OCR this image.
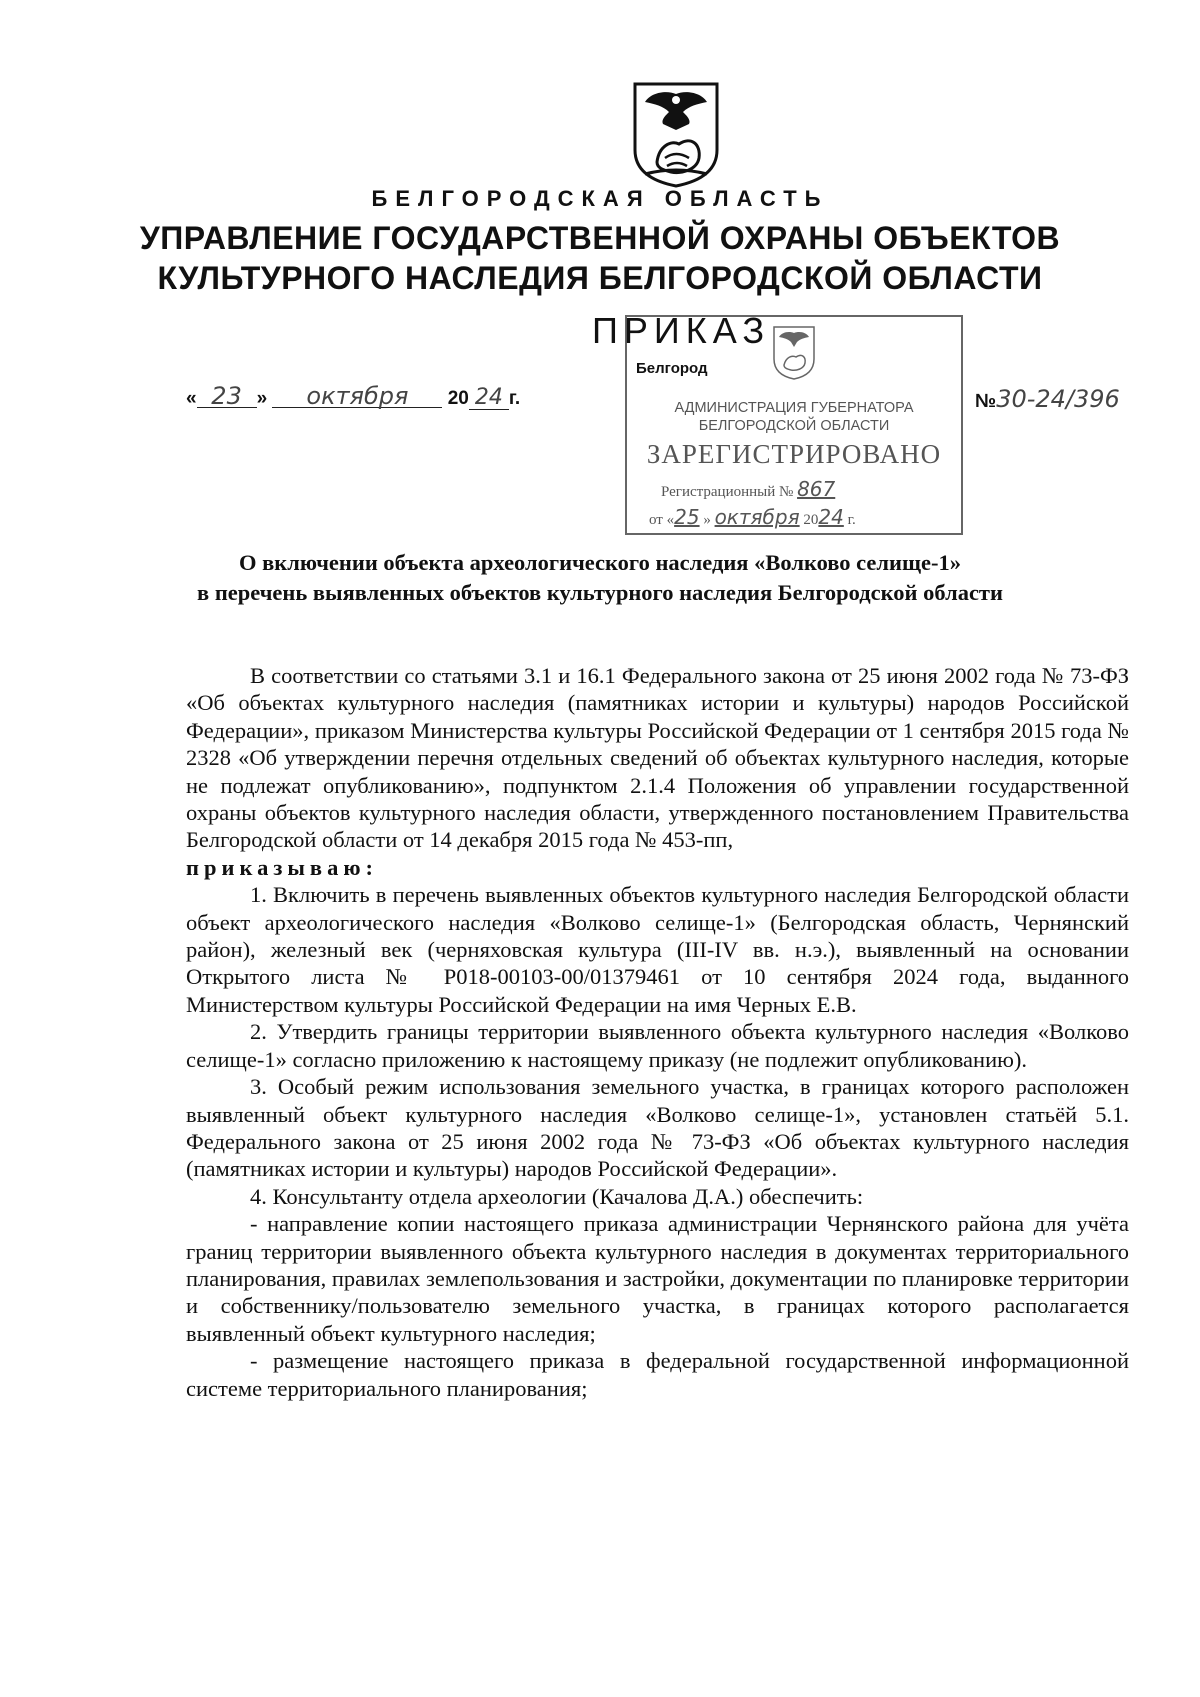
БЕЛГОРОДСКАЯ ОБЛАСТЬ
УПРАВЛЕНИЕ ГОСУДАРСТВЕННОЙ ОХРАНЫ ОБЪЕКТОВ
КУЛЬТУРНОГО НАСЛЕДИЯ БЕЛГОРОДСКОЙ ОБЛАСТИ
АДМИНИСТРАЦИЯ ГУБЕРНАТОРА
БЕЛГОРОДСКОЙ ОБЛАСТИ
ЗАРЕГИСТРИРОВАНО
Регистрационный № 867
от «25 » октября 2024 г.
ПРИКАЗ
Белгород
« 23 » октября 20 24 г.	№30-24/396
О включении объекта археологического наследия «Волково селище-1»
в перечень выявленных объектов культурного наследия Белгородской области

В соответствии со статьями 3.1 и 16.1 Федерального закона от 25 июня 2002 года № 73-ФЗ «Об объектах культурного наследия (памятниках истории и культуры) народов Российской Федерации», приказом Министерства культуры Российской Федерации от 1 сентября 2015 года № 2328 «Об утверждении перечня отдельных сведений об объектах культурного наследия, которые не подлежат опубликованию», подпунктом 2.1.4 Положения об управлении государственной охраны объектов культурного наследия области, утвержденного постановлением Правительства Белгородской области от 14 декабря 2015 года № 453-пп,

приказываю:

1. Включить в перечень выявленных объектов культурного наследия Белгородской области объект археологического наследия «Волково селище-1» (Белгородская область, Чернянский район), железный век (черняховская культура (III-IV вв. н.э.), выявленный на основании Открытого листа № Р018-00103-00/01379461 от 10 сентября 2024 года, выданного Министерством культуры Российской Федерации на имя Черных Е.В.

2. Утвердить границы территории выявленного объекта культурного наследия «Волково селище-1» согласно приложению к настоящему приказу (не подлежит опубликованию).

3. Особый режим использования земельного участка, в границах которого расположен выявленный объект культурного наследия «Волково селище-1», установлен статьёй 5.1. Федерального закона от 25 июня 2002 года № 73-ФЗ «Об объектах культурного наследия (памятниках истории и культуры) народов Российской Федерации».

4. Консультанту отдела археологии (Качалова Д.А.) обеспечить:

- направление копии настоящего приказа администрации Чернянского района для учёта границ территории выявленного объекта культурного наследия в документах территориального планирования, правилах землепользования и застройки, документации по планировке территории и собственнику/пользователю земельного участка, в границах которого располагается выявленный объект культурного наследия;

- размещение настоящего приказа в федеральной государственной информационной системе территориального планирования;
